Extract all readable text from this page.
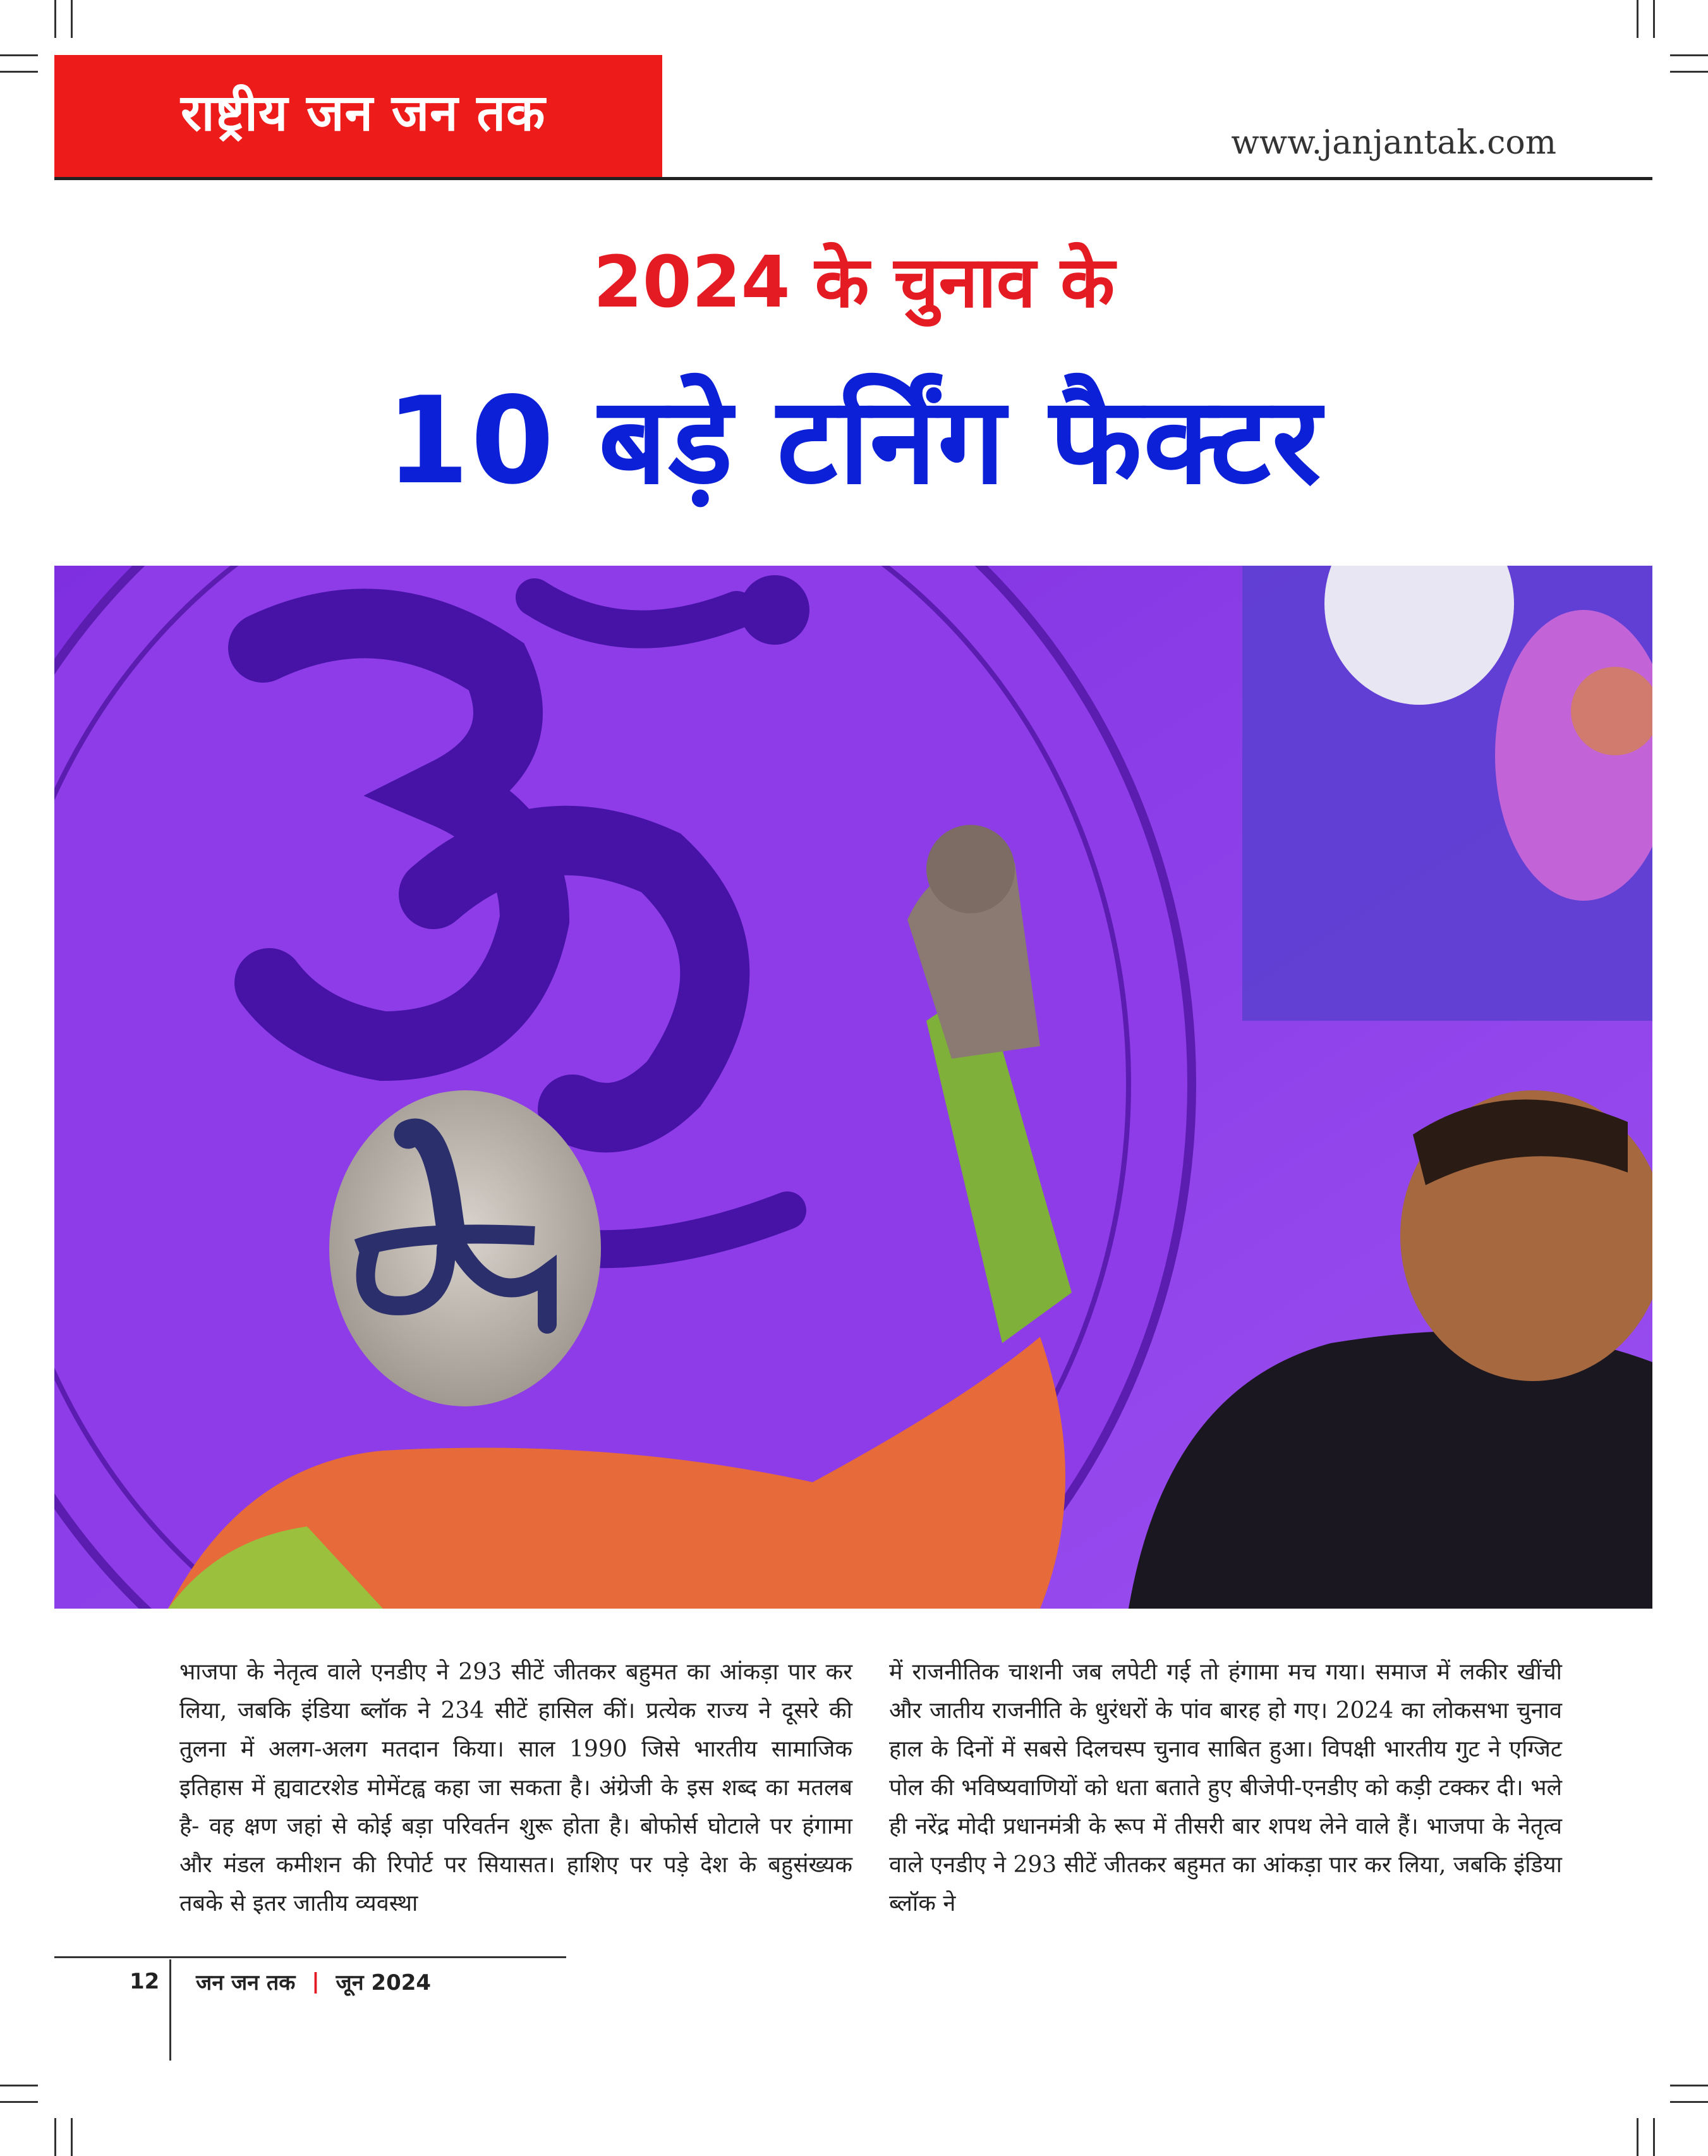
राष्ट्रीय जन जन तक
www.janjantak.com
2024 के चुनाव के
10 बड़े टर्निंग फैक्टर
भाजपा के नेतृत्व वाले एनडीए ने 293 सीटें जीतकर बहुमत का आंकड़ा पार कर लिया, जबकि इंडिया ब्लॉक ने 234 सीटें हासिल कीं। प्रत्येक राज्य ने दूसरे की तुलना में अलग-अलग मतदान किया। साल 1990 जिसे भारतीय सामाजिक इतिहास में ह्यवाटरशेड मोमेंटह्व कहा जा सकता है। अंग्रेजी के इस शब्द का मतलब है- वह क्षण जहां से कोई बड़ा परिवर्तन शुरू होता है। बोफोर्स घोटाले पर हंगामा और मंडल कमीशन की रिपोर्ट पर सियासत। हाशिए पर पड़े देश के बहुसंख्यक तबके से इतर जातीय व्यवस्था
में राजनीतिक चाशनी जब लपेटी गई तो हंगामा मच गया। समाज में लकीर खींची और जातीय राजनीति के धुरंधरों के पांव बारह हो गए। 2024 का लोकसभा चुनाव हाल के दिनों में सबसे दिलचस्प चुनाव साबित हुआ। विपक्षी भारतीय गुट ने एग्जिट पोल की भविष्यवाणियों को धता बताते हुए बीजेपी-एनडीए को कड़ी टक्कर दी। भले ही नरेंद्र मोदी प्रधानमंत्री के रूप में तीसरी बार शपथ लेने वाले हैं। भाजपा के नेतृत्व वाले एनडीए ने 293 सीटें जीतकर बहुमत का आंकड़ा पार कर लिया, जबकि इंडिया ब्लॉक ने
12 जन जन तक | जून 2024
